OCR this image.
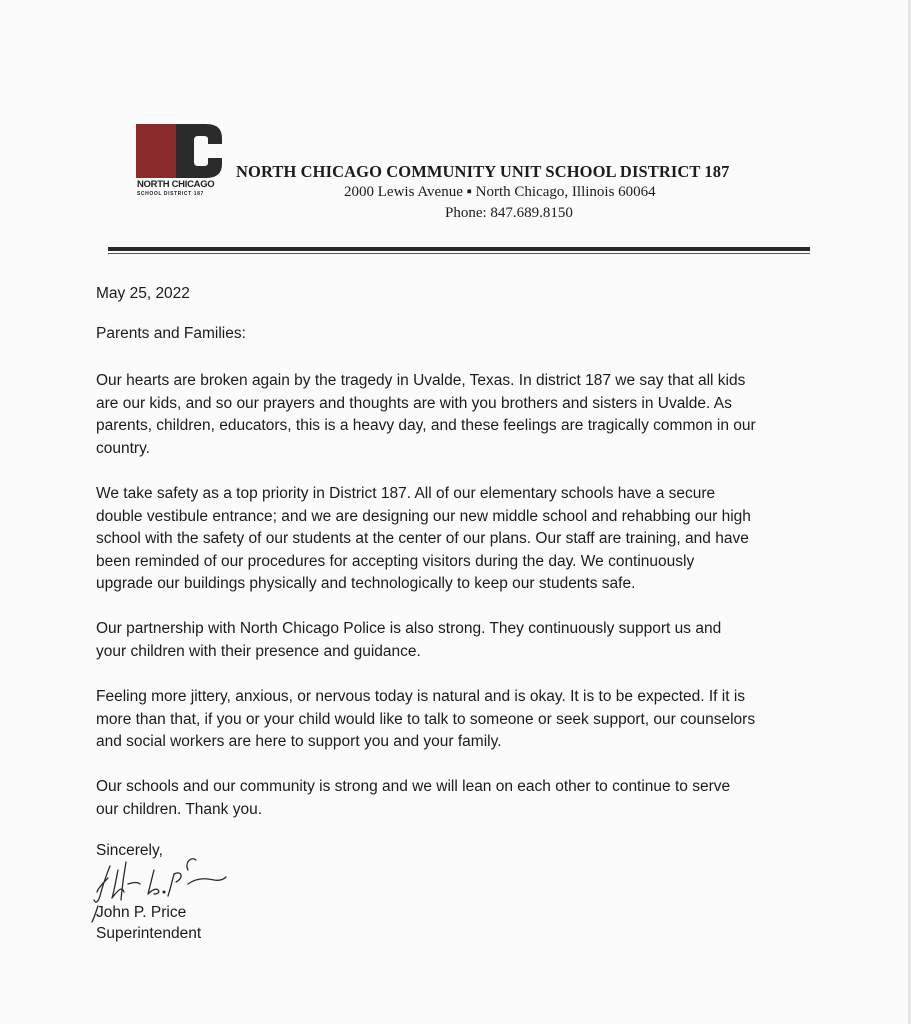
NORTH CHICAGO
SCHOOL DISTRICT 187
NORTH CHICAGO COMMUNITY UNIT SCHOOL DISTRICT 187
2000 Lewis Avenue ▪ North Chicago, Illinois 60064
Phone: 847.689.8150
May 25, 2022
Parents and Families:
Our hearts are broken again by the tragedy in Uvalde, Texas. In district 187 we say that all kids
are our kids, and so our prayers and thoughts are with you brothers and sisters in Uvalde. As
parents, children, educators, this is a heavy day, and these feelings are tragically common in our
country.
We take safety as a top priority in District 187. All of our elementary schools have a secure
double vestibule entrance; and we are designing our new middle school and rehabbing our high
school with the safety of our students at the center of our plans. Our staff are training, and have
been reminded of our procedures for accepting visitors during the day. We continuously
upgrade our buildings physically and technologically to keep our students safe.
Our partnership with North Chicago Police is also strong. They continuously support us and
your children with their presence and guidance.
Feeling more jittery, anxious, or nervous today is natural and is okay. It is to be expected. If it is
more than that, if you or your child would like to talk to someone or seek support, our counselors
and social workers are here to support you and your family.
Our schools and our community is strong and we will lean on each other to continue to serve
our children. Thank you.
Sincerely,
John P. Price
Superintendent
